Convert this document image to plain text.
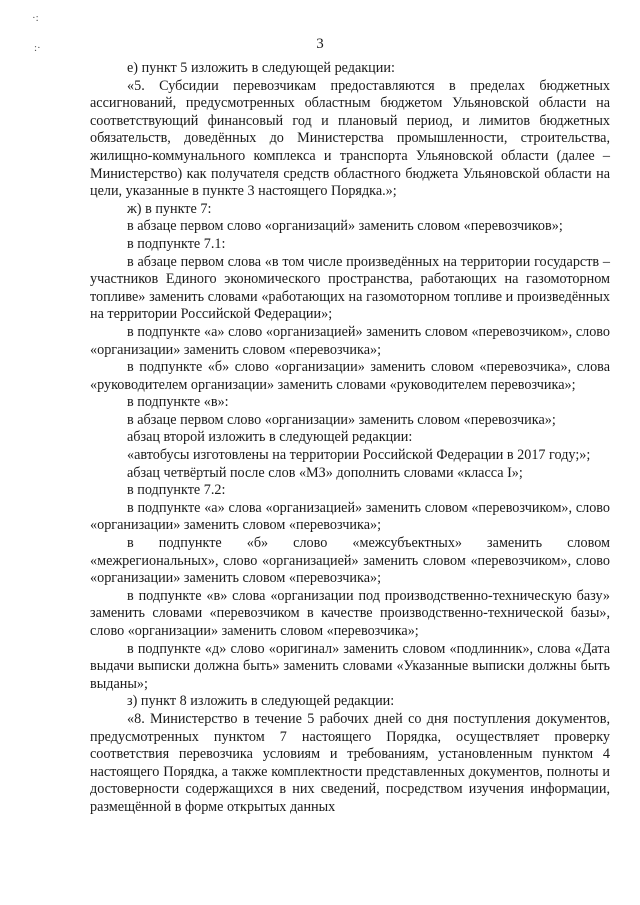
·:
:·	3

е) пункт 5 изложить в следующей редакции:

«5. Субсидии перевозчикам предоставляются в пределах бюджетных ассигнований, предусмотренных областным бюджетом Ульяновской области на соответствующий финансовый год и плановый период, и лимитов бюджетных обязательств, доведённых до Министерства промышленности, строительства, жилищно-коммунального комплекса и транспорта Ульяновской области (далее – Министерство) как получателя средств областного бюджета Ульяновской области на цели, указанные в пункте 3 настоящего Порядка.»;

ж) в пункте 7:

в абзаце первом слово «организаций» заменить словом «перевозчиков»;

в подпункте 7.1:

в абзаце первом слова «в том числе произведённых на территории государств – участников Единого экономического пространства, работающих на газомоторном топливе» заменить словами «работающих на газомоторном топливе и произведённых на территории Российской Федерации»;

в подпункте «а» слово «организацией» заменить словом «перевозчиком», слово «организации» заменить словом «перевозчика»;

в подпункте «б» слово «организации» заменить словом «перевозчика», слова «руководителем организации» заменить словами «руководителем перевозчика»;

в подпункте «в»:

в абзаце первом слово «организации» заменить словом «перевозчика»;

абзац второй изложить в следующей редакции:

«автобусы изготовлены на территории Российской Федерации в 2017 году;»;

абзац четвёртый после слов «МЗ» дополнить словами «класса I»;

в подпункте 7.2:

в подпункте «а» слова «организацией» заменить словом «перевозчиком», слово «организации» заменить словом «перевозчика»;

в подпункте «б» слово «межсубъектных» заменить словом «межрегиональных», слово «организацией» заменить словом «перевозчиком», слово «организации» заменить словом «перевозчика»;

в подпункте «в» слова «организации под производственно-техническую базу» заменить словами «перевозчиком в качестве производственно-технической базы», слово «организации» заменить словом «перевозчика»;

в подпункте «д» слово «оригинал» заменить словом «подлинник», слова «Дата выдачи выписки должна быть» заменить словами «Указанные выписки должны быть выданы»;

з) пункт 8 изложить в следующей редакции:

«8. Министерство в течение 5 рабочих дней со дня поступления документов, предусмотренных пунктом 7 настоящего Порядка, осуществляет проверку соответствия перевозчика условиям и требованиям, установленным пунктом 4 настоящего Порядка, а также комплектности представленных документов, полноты и достоверности содержащихся в них сведений, посредством изучения информации, размещённой в форме открытых данных
